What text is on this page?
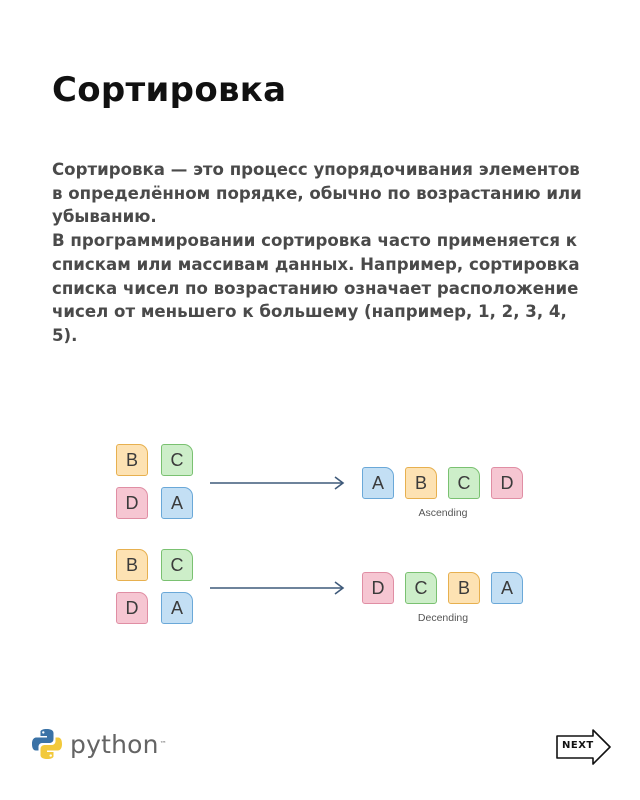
Сортировка
Сортировка — это процесс упорядочивания элементов в определённом порядке, обычно по возрастанию или убыванию.
В программировании сортировка часто применяется к спискам или массивам данных. Например, сортировка списка чисел по возрастанию означает расположение чисел от меньшего к большему (например, 1, 2, 3, 4, 5).
B	C
D	A
A	B	C	D
Ascending
B	C
D	A
D	C	B	A
Decending
python ™	NEXT
